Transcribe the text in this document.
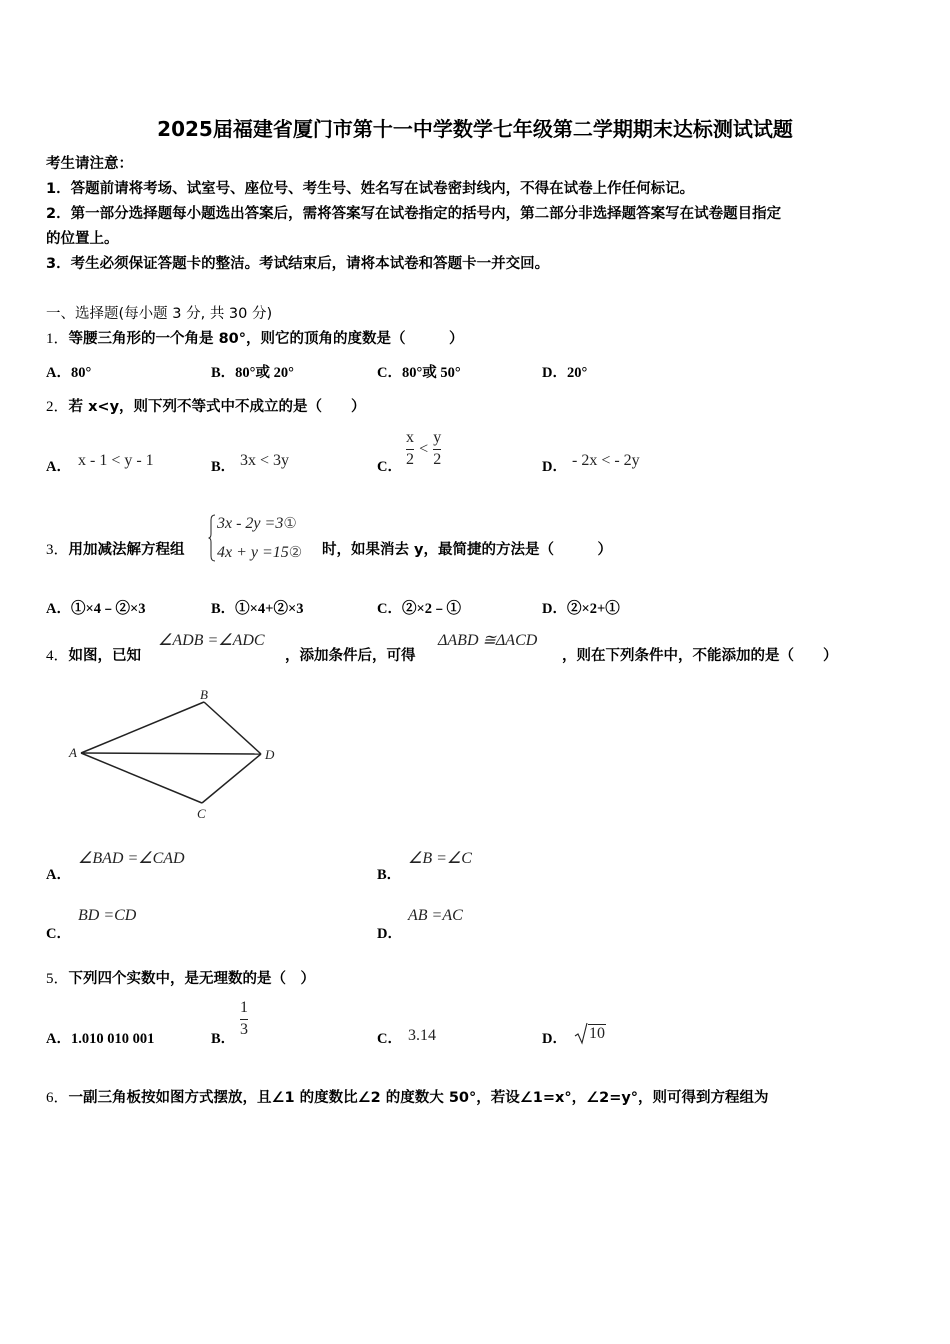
2025届福建省厦门市第十一中学数学七年级第二学期期末达标测试试题
考生请注意：
1．答题前请将考场、试室号、座位号、考生号、姓名写在试卷密封线内，不得在试卷上作任何标记。
2．第一部分选择题每小题选出答案后，需将答案写在试卷指定的括号内，第二部分非选择题答案写在试卷题目指定
的位置上。
3．考生必须保证答题卡的整洁。考试结束后，请将本试卷和答题卡一并交回。
一、选择题(每小题 3 分, 共 30 分)
1．等腰三角形的一个角是 80°，则它的顶角的度数是（　　　）
A．80°	B．80°或 20°	C．80°或 50°	D．20°
2．若 x<y，则下列不等式中不成立的是（　　）
A． x - 1 < y - 1	B． 3x < 3y	C． $\frac{x}{2} < \frac{y}{2}$	D． - 2x < - 2y
3．用加减法解方程组
3x - 2y =3①
4x + y =15② 时，如果消去 y，最简捷的方法是（　　　）
A．①×4﹣②×3	B．①×4+②×3	C．②×2﹣①	D．②×2+①
4．如图，已知
∠ADB =∠ADC
，添加条件后，可得
ΔABD ≅ΔACD
，则在下列条件中，不能添加的是（　　）
A
B
C
D
A．
∠BAD =∠CAD
B．
∠B =∠C
C．
BD =CD
D．
AB =AC
5．下列四个实数中，是无理数的是（　）
A．1.010 010 001	B．
$\frac{1}{3}$
C． 3.14	D．	10
6．一副三角板按如图方式摆放，且∠1 的度数比∠2 的度数大 50°，若设∠1=x°，∠2=y°，则可得到方程组为
